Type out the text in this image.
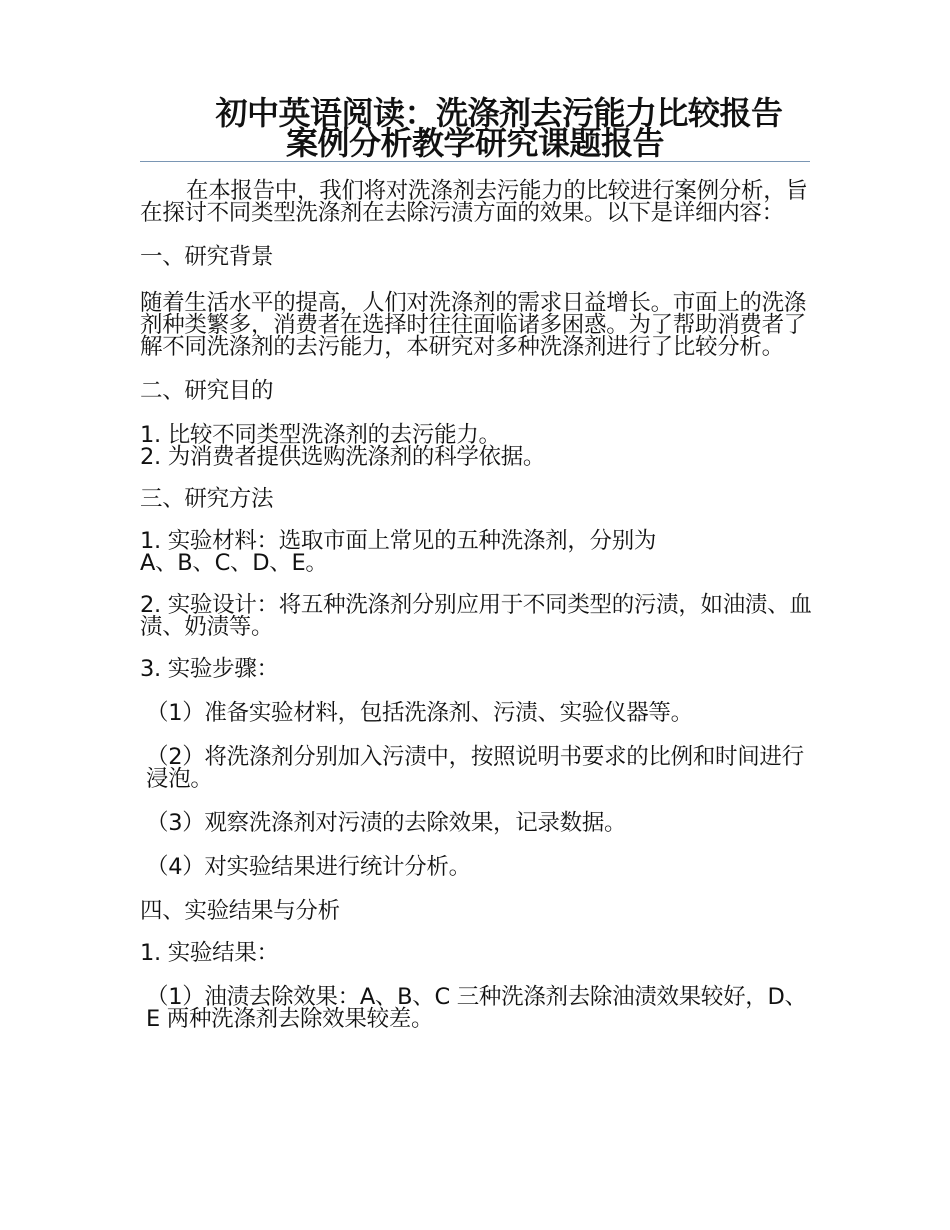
初中英语阅读：洗涤剂去污能力比较报告
案例分析教学研究课题报告

在本报告中，我们将对洗涤剂去污能力的比较进行案例分析，旨在探讨不同类型洗涤剂在去除污渍方面的效果。以下是详细内容：

一、研究背景

随着生活水平的提高，人们对洗涤剂的需求日益增长。市面上的洗涤剂种类繁多，消费者在选择时往往面临诸多困惑。为了帮助消费者了解不同洗涤剂的去污能力，本研究对多种洗涤剂进行了比较分析。

二、研究目的

1. 比较不同类型洗涤剂的去污能力。

2. 为消费者提供选购洗涤剂的科学依据。

三、研究方法

1. 实验材料：选取市面上常见的五种洗涤剂，分别为

A、B、C、D、E。

2. 实验设计：将五种洗涤剂分别应用于不同类型的污渍，如油渍、血渍、奶渍等。

3. 实验步骤：

（1）准备实验材料，包括洗涤剂、污渍、实验仪器等。

（2）将洗涤剂分别加入污渍中，按照说明书要求的比例和时间进行浸泡。

（3）观察洗涤剂对污渍的去除效果，记录数据。

（4）对实验结果进行统计分析。

四、实验结果与分析

1. 实验结果：

（1）油渍去除效果：A、B、C 三种洗涤剂去除油渍效果较好，D、E 两种洗涤剂去除效果较差。
